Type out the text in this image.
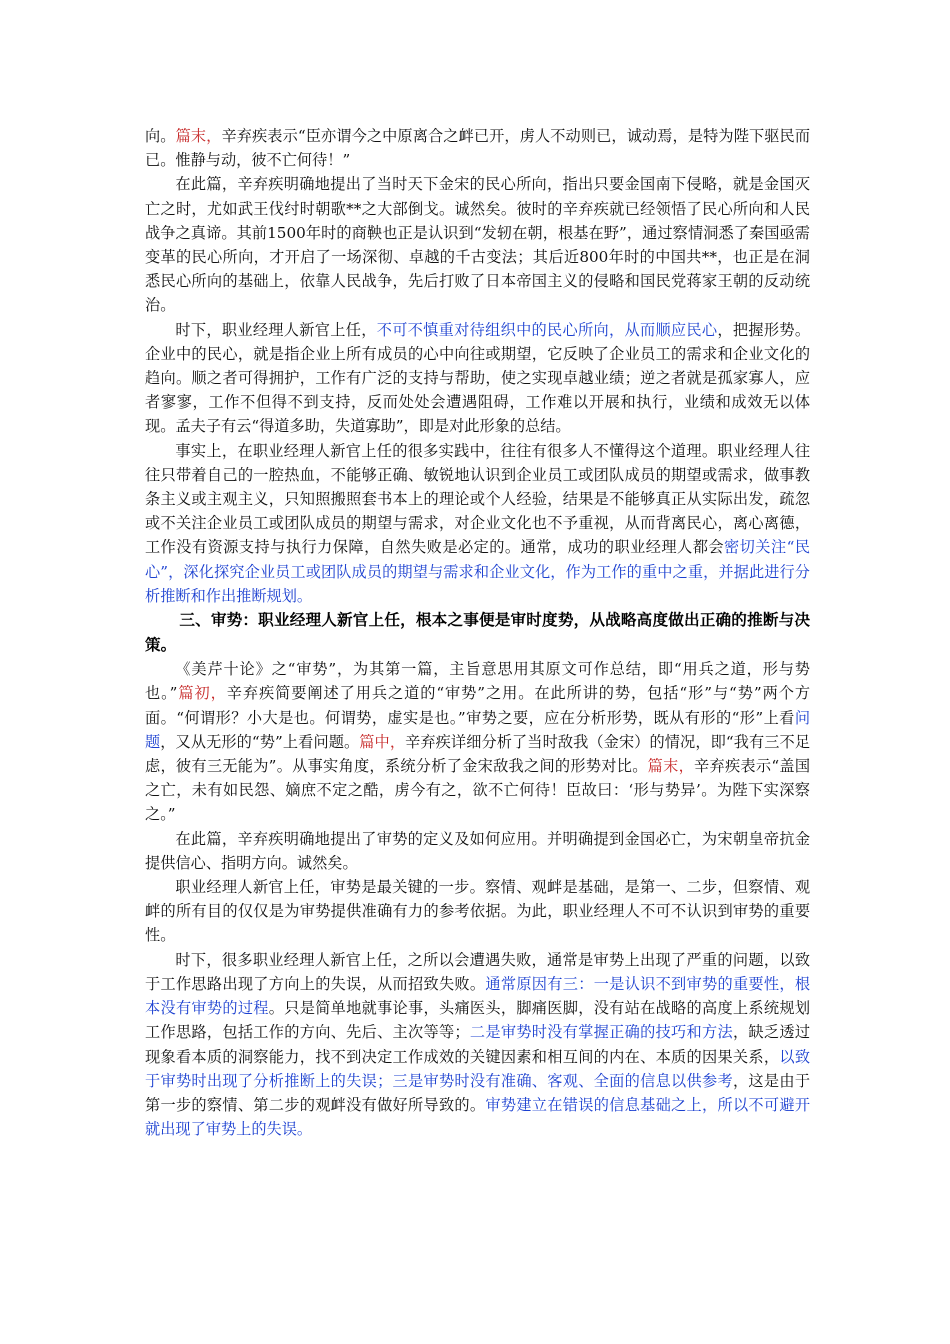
向。篇末，辛弃疾表示“臣亦谓今之中原离合之衅已开，虏人不动则已，诚动焉，是特为陛下驱民而已。惟静与动，彼不亡何待！”

在此篇，辛弃疾明确地提出了当时天下金宋的民心所向，指出只要金国南下侵略，就是金国灭亡之时，尤如武王伐纣时朝歌**之大部倒戈。诚然矣。彼时的辛弃疾就已经领悟了民心所向和人民战争之真谛。其前1500年时的商鞅也正是认识到“发轫在朝，根基在野”，通过察情洞悉了秦国亟需变革的民心所向，才开启了一场深彻、卓越的千古变法；其后近800年时的中国共**，也正是在洞悉民心所向的基础上，依靠人民战争，先后打败了日本帝国主义的侵略和国民党蒋家王朝的反动统治。

时下，职业经理人新官上任，不可不慎重对待组织中的民心所向，从而顺应民心，把握形势。企业中的民心，就是指企业上所有成员的心中向往或期望，它反映了企业员工的需求和企业文化的趋向。顺之者可得拥护，工作有广泛的支持与帮助，使之实现卓越业绩；逆之者就是孤家寡人，应者寥寥，工作不但得不到支持，反而处处会遭遇阻碍，工作难以开展和执行，业绩和成效无以体现。孟夫子有云“得道多助，失道寡助”，即是对此形象的总结。

事实上，在职业经理人新官上任的很多实践中，往往有很多人不懂得这个道理。职业经理人往往只带着自己的一腔热血，不能够正确、敏锐地认识到企业员工或团队成员的期望或需求，做事教条主义或主观主义，只知照搬照套书本上的理论或个人经验，结果是不能够真正从实际出发，疏忽或不关注企业员工或团队成员的期望与需求，对企业文化也不予重视，从而背离民心，离心离德，工作没有资源支持与执行力保障，自然失败是必定的。通常，成功的职业经理人都会密切关注“民心”，深化探究企业员工或团队成员的期望与需求和企业文化，作为工作的重中之重，并据此进行分析推断和作出推断规划。

三、审势：职业经理人新官上任，根本之事便是审时度势，从战略高度做出正确的推断与决策。

《美芹十论》之“审势”，为其第一篇，主旨意思用其原文可作总结，即“用兵之道，形与势也。”篇初，辛弃疾简要阐述了用兵之道的“审势”之用。在此所讲的势，包括“形”与“势”两个方面。“何谓形？小大是也。何谓势，虚实是也。”审势之要，应在分析形势，既从有形的“形”上看问题，又从无形的“势”上看问题。篇中，辛弃疾详细分析了当时敌我（金宋）的情况，即“我有三不足虑，彼有三无能为”。从事实角度，系统分析了金宋敌我之间的形势对比。篇末，辛弃疾表示“盖国之亡，未有如民怨、嫡庶不定之酷，虏今有之，欲不亡何待！臣故曰：‘形与势异’。为陛下实深察之。”

在此篇，辛弃疾明确地提出了审势的定义及如何应用。并明确提到金国必亡，为宋朝皇帝抗金提供信心、指明方向。诚然矣。

职业经理人新官上任，审势是最关键的一步。察情、观衅是基础，是第一、二步，但察情、观衅的所有目的仅仅是为审势提供准确有力的参考依据。为此，职业经理人不可不认识到审势的重要性。

时下，很多职业经理人新官上任，之所以会遭遇失败，通常是审势上出现了严重的问题，以致于工作思路出现了方向上的失误，从而招致失败。通常原因有三：一是认识不到审势的重要性，根本没有审势的过程。只是简单地就事论事，头痛医头，脚痛医脚，没有站在战略的高度上系统规划工作思路，包括工作的方向、先后、主次等等；二是审势时没有掌握正确的技巧和方法，缺乏透过现象看本质的洞察能力，找不到决定工作成效的关键因素和相互间的内在、本质的因果关系，以致于审势时出现了分析推断上的失误；三是审势时没有准确、客观、全面的信息以供参考，这是由于第一步的察情、第二步的观衅没有做好所导致的。审势建立在错误的信息基础之上，所以不可避开就出现了审势上的失误。
